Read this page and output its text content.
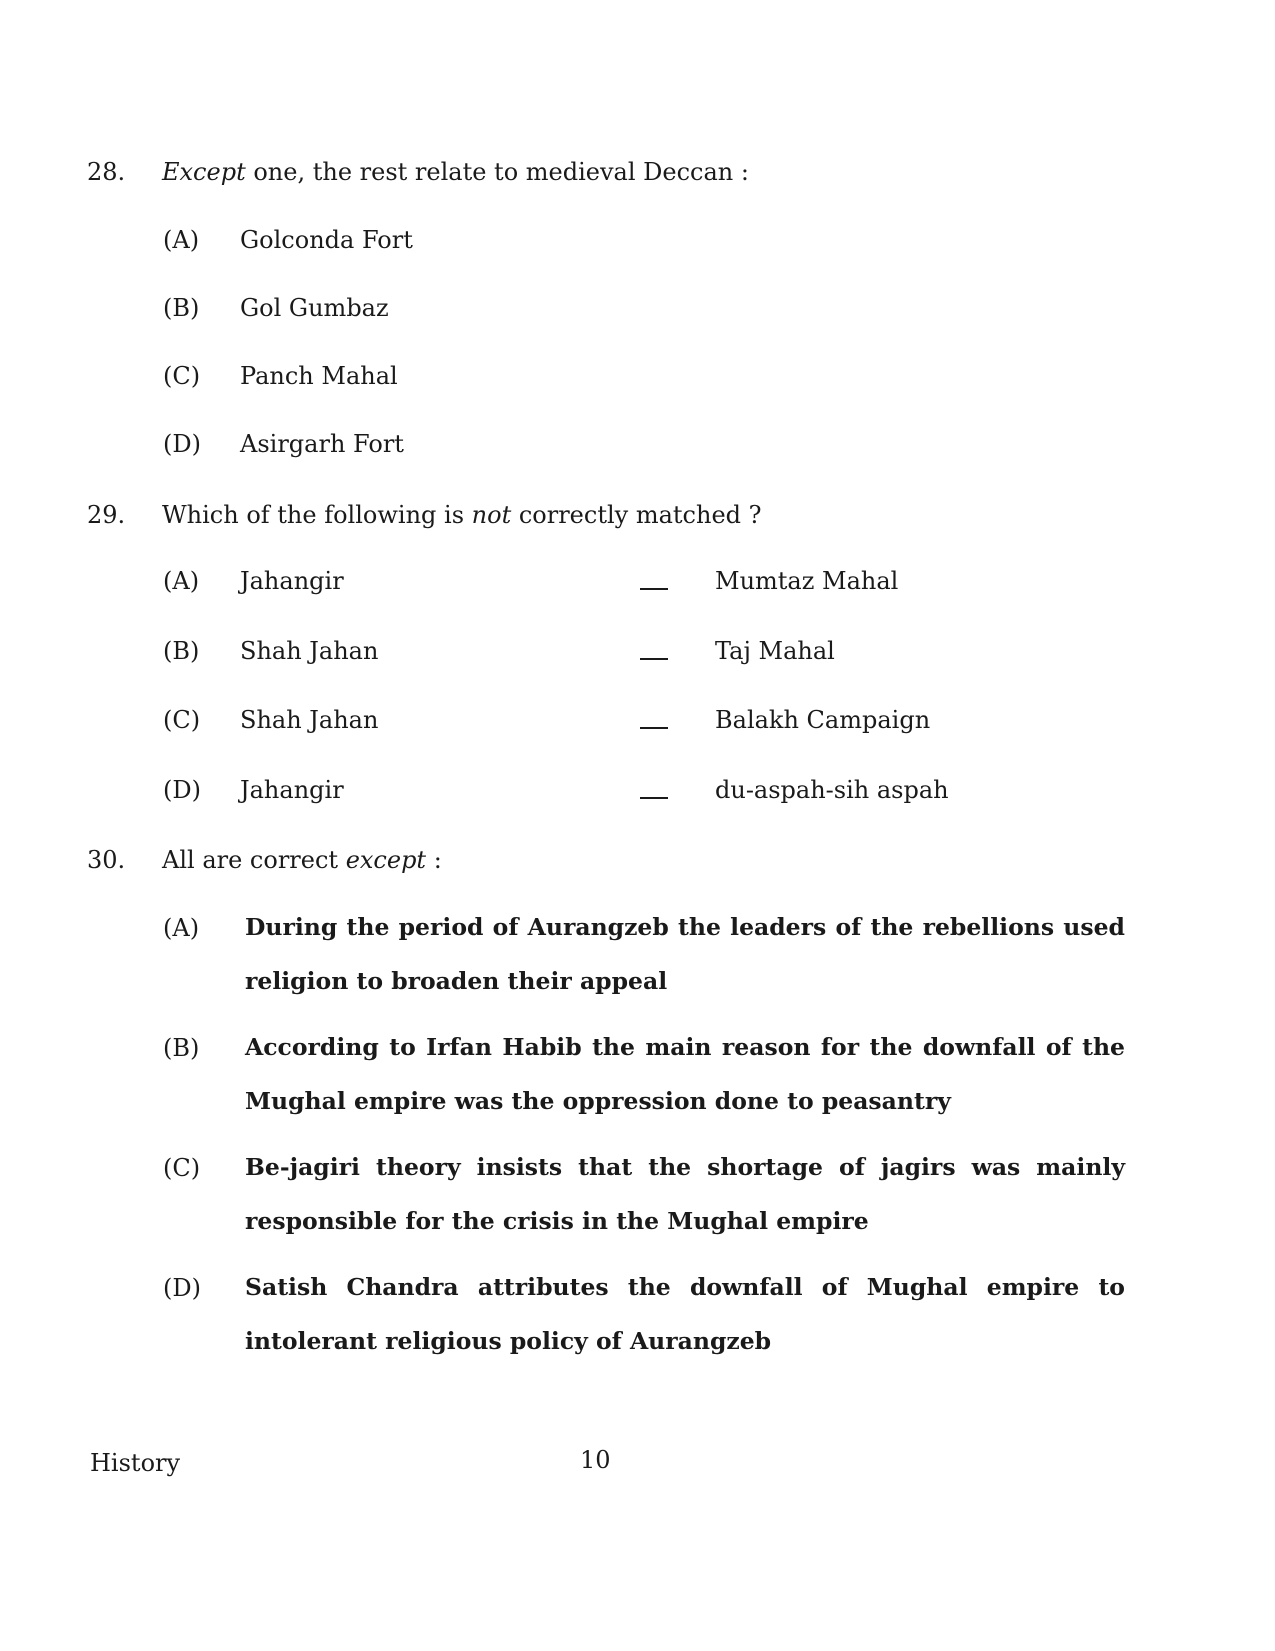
28. Except one, the rest relate to medieval Deccan :
(A) Golconda Fort
(B) Gol Gumbaz
(C) Panch Mahal
(D) Asirgarh Fort
29. Which of the following is not correctly matched ?
(A) Jahangir	Mumtaz Mahal
(B) Shah Jahan	Taj Mahal
(C) Shah Jahan	Balakh Campaign
(D) Jahangir	du-aspah-sih aspah
30. All are correct except :
(A) During the period of Aurangzeb the leaders of the rebellions used religion to broaden their appeal
(B) According to Irfan Habib the main reason for the downfall of the Mughal empire was the oppression done to peasantry
(C) Be-jagiri theory insists that the shortage of jagirs was mainly responsible for the crisis in the Mughal empire
(D) Satish Chandra attributes the downfall of Mughal empire to intolerant religious policy of Aurangzeb
History	10
